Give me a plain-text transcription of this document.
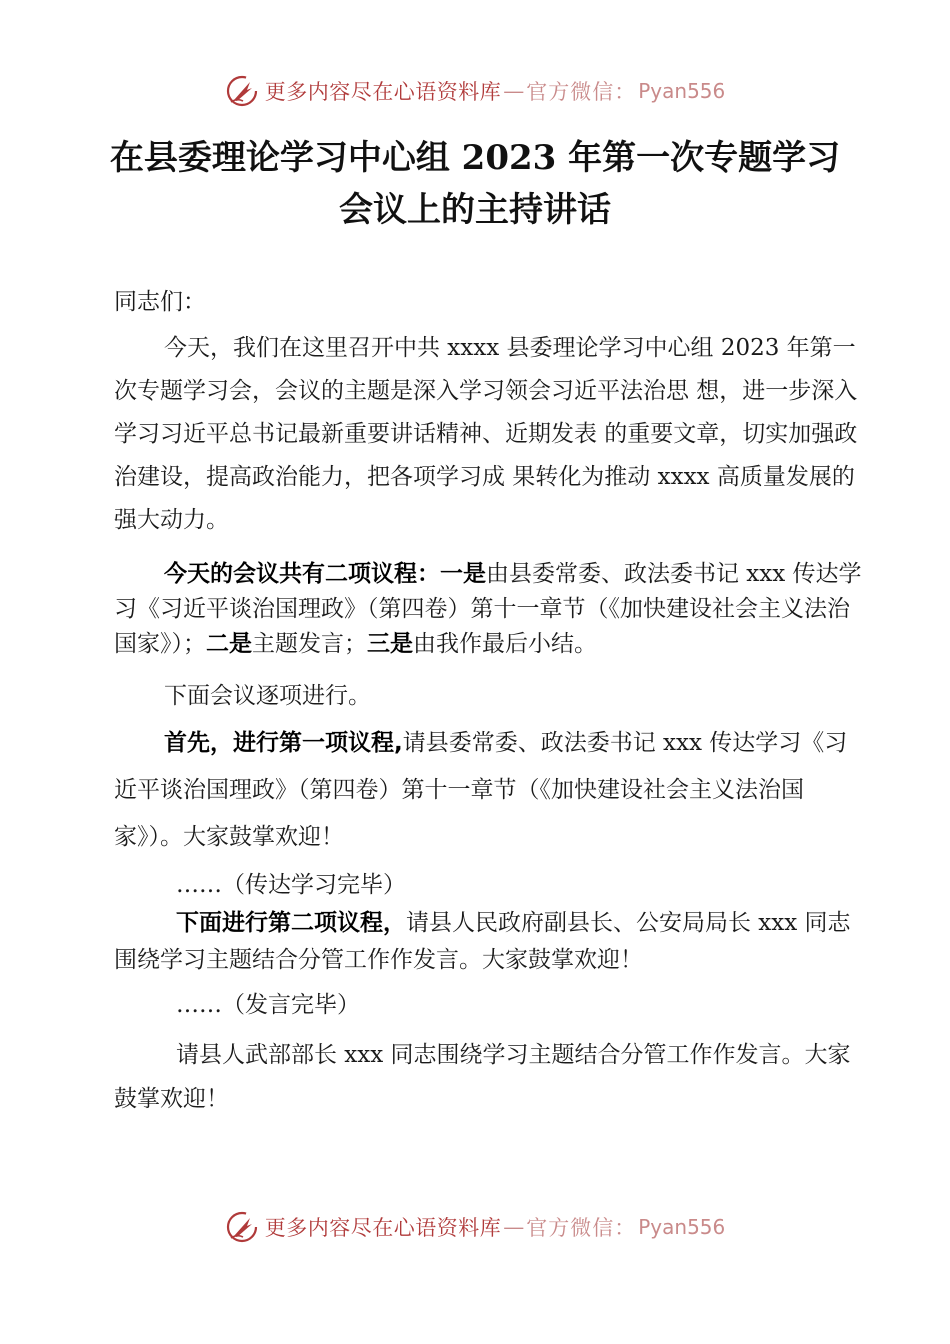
更多内容尽在心语资料库 — 官方微信： Pyan556
在县委理论学习中心组 2023 年第一次专题学习
会议上的主持讲话

同志们：

今天，我们在这里召开中共 xxxx 县委理论学习中心组 2023 年第一次专题学习会，会议的主题是深入学习领会习近平法治思 想，进一步深入学习习近平总书记最新重要讲话精神、近期发表 的重要文章，切实加强政治建设，提高政治能力，把各项学习成 果转化为推动 xxxx 高质量发展的强大动力。

今天的会议共有二项议程：一是由县委常委、政法委书记 xxx 传达学习《习近平谈治国理政》（第四卷）第十一章节（《加快建设社会主义法治国家》）；二是主题发言；三是由我作最后小结。

下面会议逐项进行。

首先，进行第一项议程,请县委常委、政法委书记 xxx 传达学习《习近平谈治国理政》（第四卷）第十一章节（《加快建设社会主义法治国家》）。大家鼓掌欢迎！

……（传达学习完毕）

下面进行第二项议程，请县人民政府副县长、公安局局长 xxx 同志围绕学习主题结合分管工作作发言。大家鼓掌欢迎！

……（发言完毕）

请县人武部部长 xxx 同志围绕学习主题结合分管工作作发言。大家鼓掌欢迎！

更多内容尽在心语资料库 — 官方微信： Pyan556
